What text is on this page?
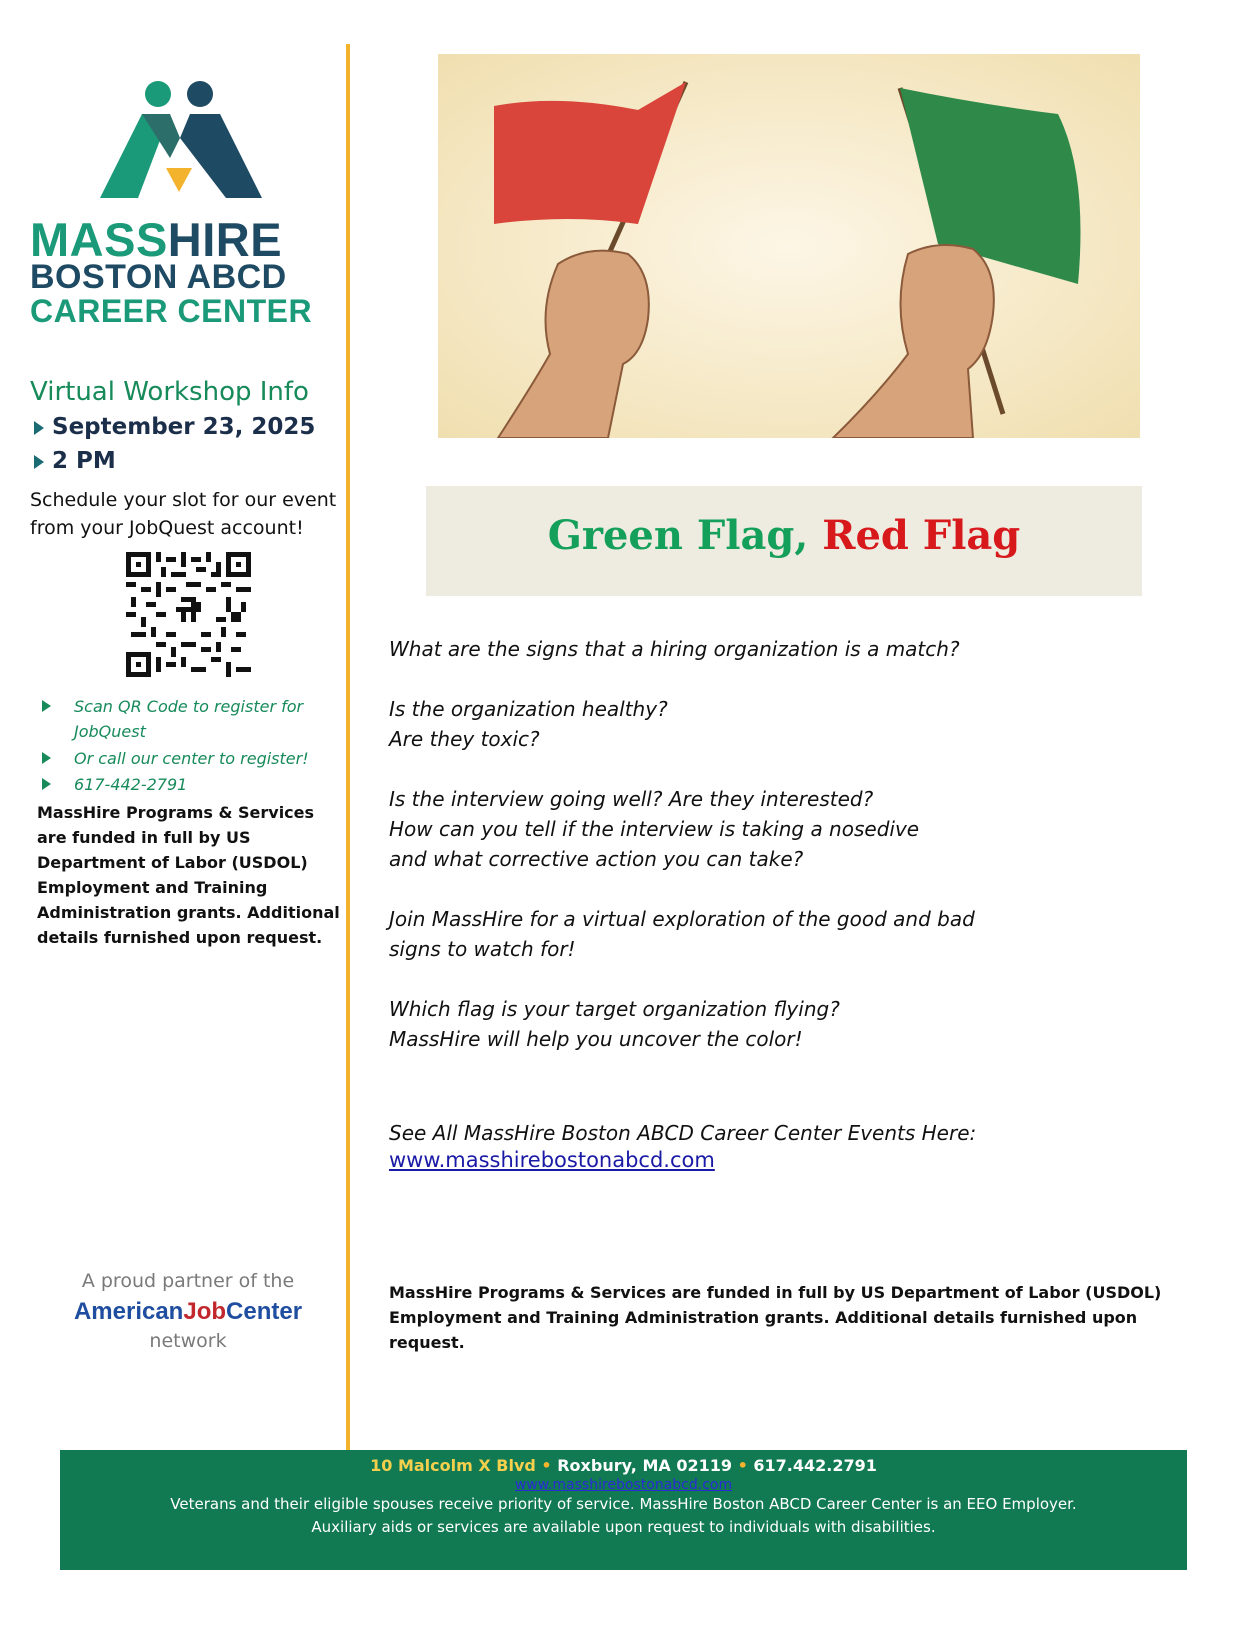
MASSHIRE
BOSTON ABCD
CAREER CENTER
Virtual Workshop Info
September 23, 2025
2 PM
Schedule your slot for our event from your JobQuest account!
Scan QR Code to register for JobQuest
Or call our center to register!
617-442-2791
MassHire Programs & Services are funded in full by US Department of Labor (USDOL) Employment and Training Administration grants. Additional details furnished upon request.
A proud partner of the
AmericanJobCenter
network
Green Flag, Red Flag
What are the signs that a hiring organization is a match?
Is the organization healthy?
Are they toxic?
Is the interview going well? Are they interested?
How can you tell if the interview is taking a nosedive
and what corrective action you can take?
Join MassHire for a virtual exploration of the good and bad
signs to watch for!
Which flag is your target organization flying?
MassHire will help you uncover the color!
See All MassHire Boston ABCD Career Center Events Here:
www.masshirebostonabcd.com
MassHire Programs & Services are funded in full by US Department of Labor (USDOL)
Employment and Training Administration grants. Additional details furnished upon request.
10 Malcolm X Blvd • Roxbury, MA 02119 • 617.442.2791
www.masshirebostonabcd.com
Veterans and their eligible spouses receive priority of service. MassHire Boston ABCD Career Center is an EEO Employer.
Auxiliary aids or services are available upon request to individuals with disabilities.
